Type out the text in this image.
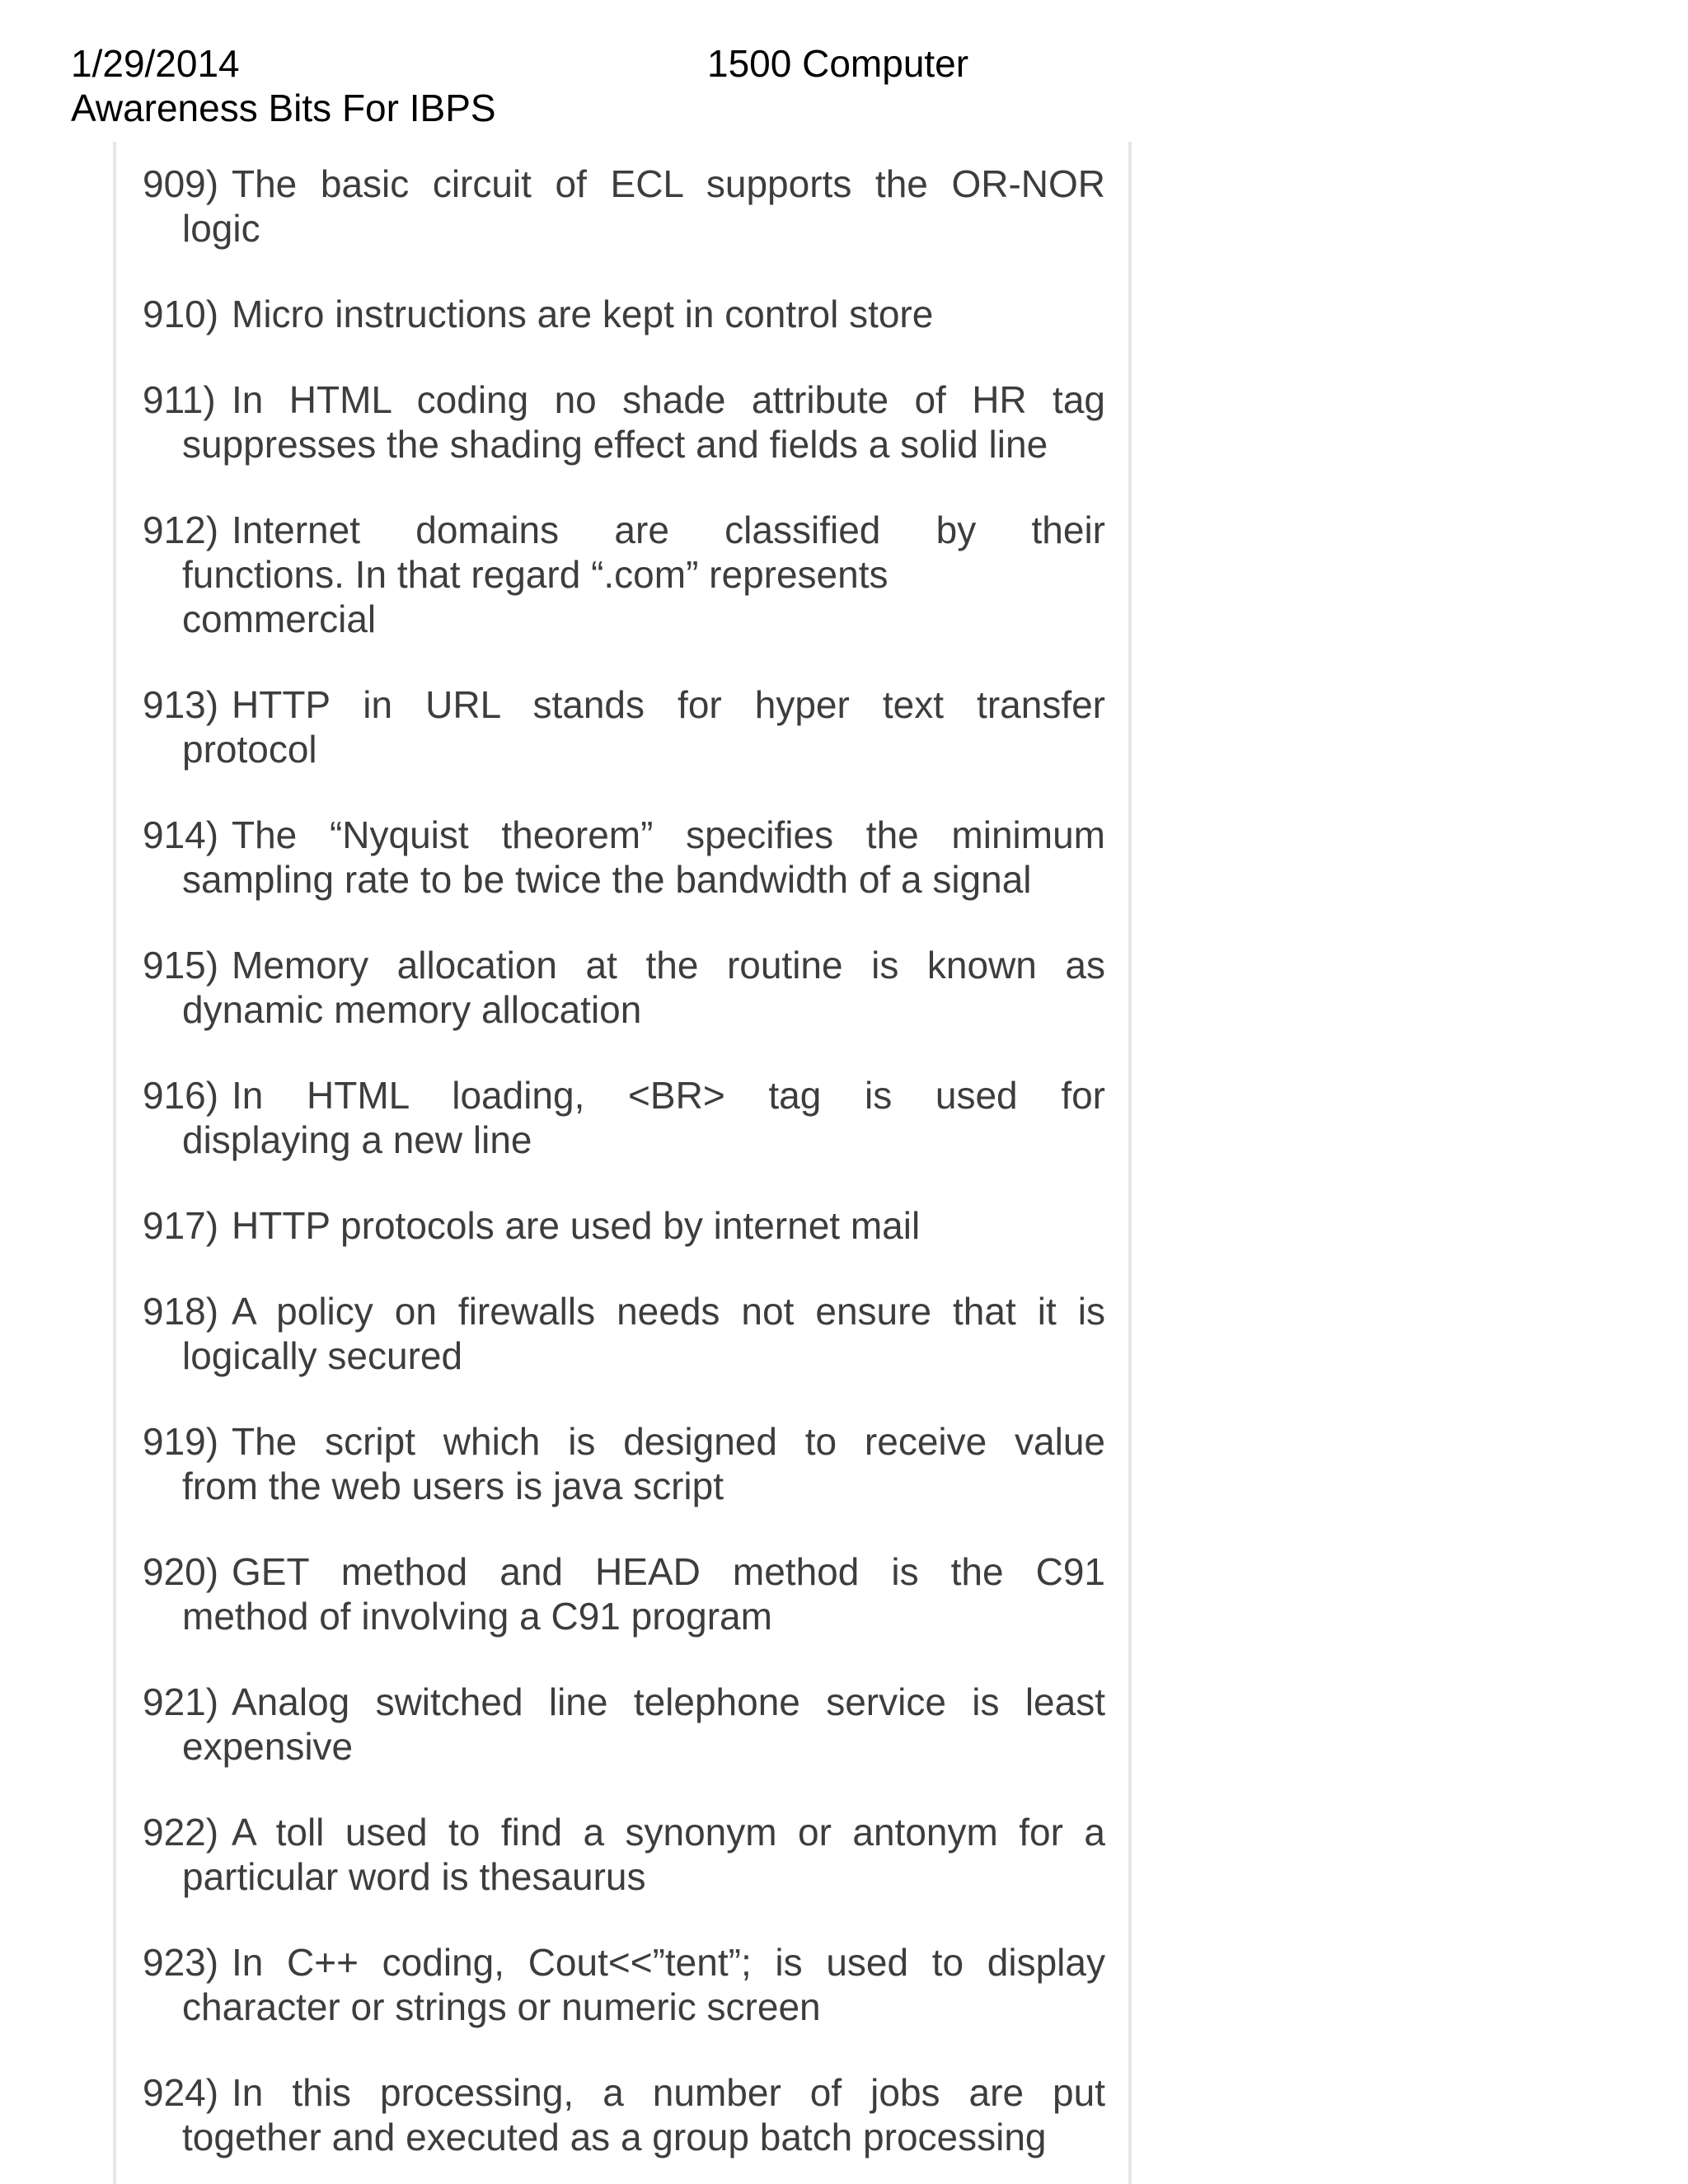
1/29/2014	1500 Computer
Awareness Bits For IBPS
909) The basic circuit of ECL supports the OR-NOR
logic
910) Micro instructions are kept in control store
911) In HTML coding no shade attribute of HR tag
suppresses the shading effect and fields a solid line
912) Internet domains are classified by their
functions. In that regard “.com” represents
commercial
913) HTTP in URL stands for hyper text transfer
protocol
914) The “Nyquist theorem” specifies the minimum
sampling rate to be twice the bandwidth of a signal
915) Memory allocation at the routine is known as
dynamic memory allocation
916) In HTML loading, <BR> tag is used for
displaying a new line
917) HTTP protocols are used by internet mail
918) A policy on firewalls needs not ensure that it is
logically secured
919) The script which is designed to receive value
from the web users is java script
920) GET method and HEAD method is the C91
method of involving a C91 program
921) Analog switched line telephone service is least
expensive
922) A toll used to find a synonym or antonym for a
particular word is thesaurus
923) In C++ coding, Cout<<”tent”; is used to display
character or strings or numeric screen
924) In this processing, a number of jobs are put
together and executed as a group batch processing
